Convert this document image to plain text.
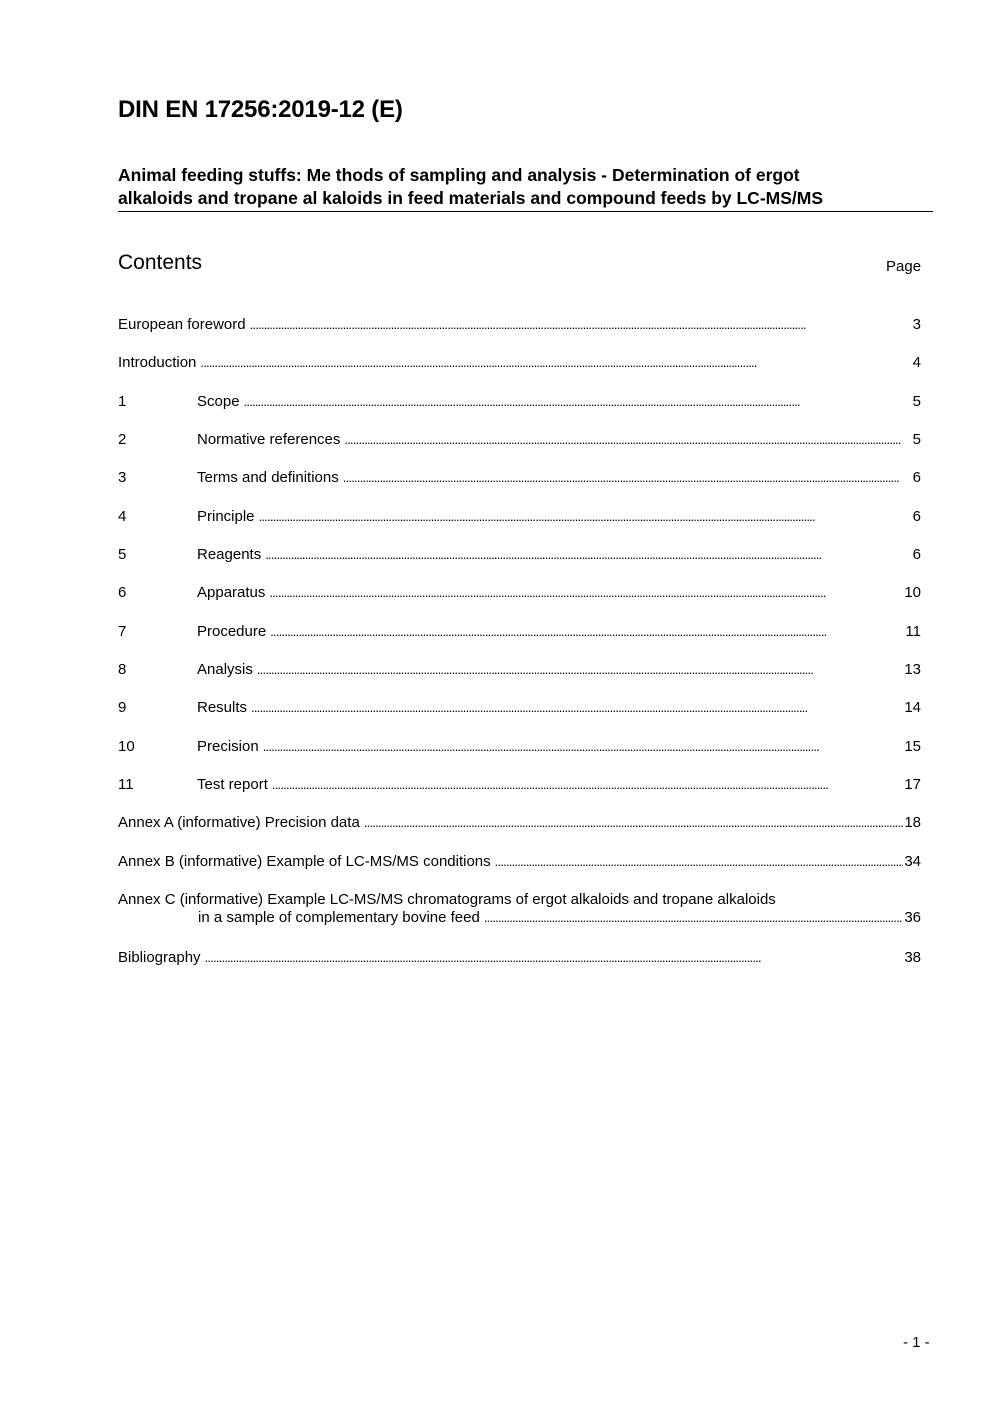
DIN EN 17256:2019-12 (E)
Animal feeding stuffs: Me thods of sampling and analysis - Determination of ergot
alkaloids and tropane al kaloids in feed materials and compound feeds by LC-MS/MS
Contents	Page
European foreword . . .	3
Introduction . . .	4
1	Scope . . .	5
2	Normative references . . .	5
3	Terms and definitions . . .	6
4	Principle . . .	6
5	Reagents . . .	6
6	Apparatus . . .	10
7	Procedure . . .	11
8	Analysis . . .	13
9	Results . . .	14
10	Precision . . .	15
11	Test report . . .	17
Annex A (informative) Precision data . . .	18
Annex B (informative) Example of LC-MS/MS conditions . . .	34
Annex C (informative) Example LC-MS/MS chromatograms of ergot alkaloids and tropane alkaloids
in a sample of complementary bovine feed . . .	36
Bibliography . . .	38
- 1 -
